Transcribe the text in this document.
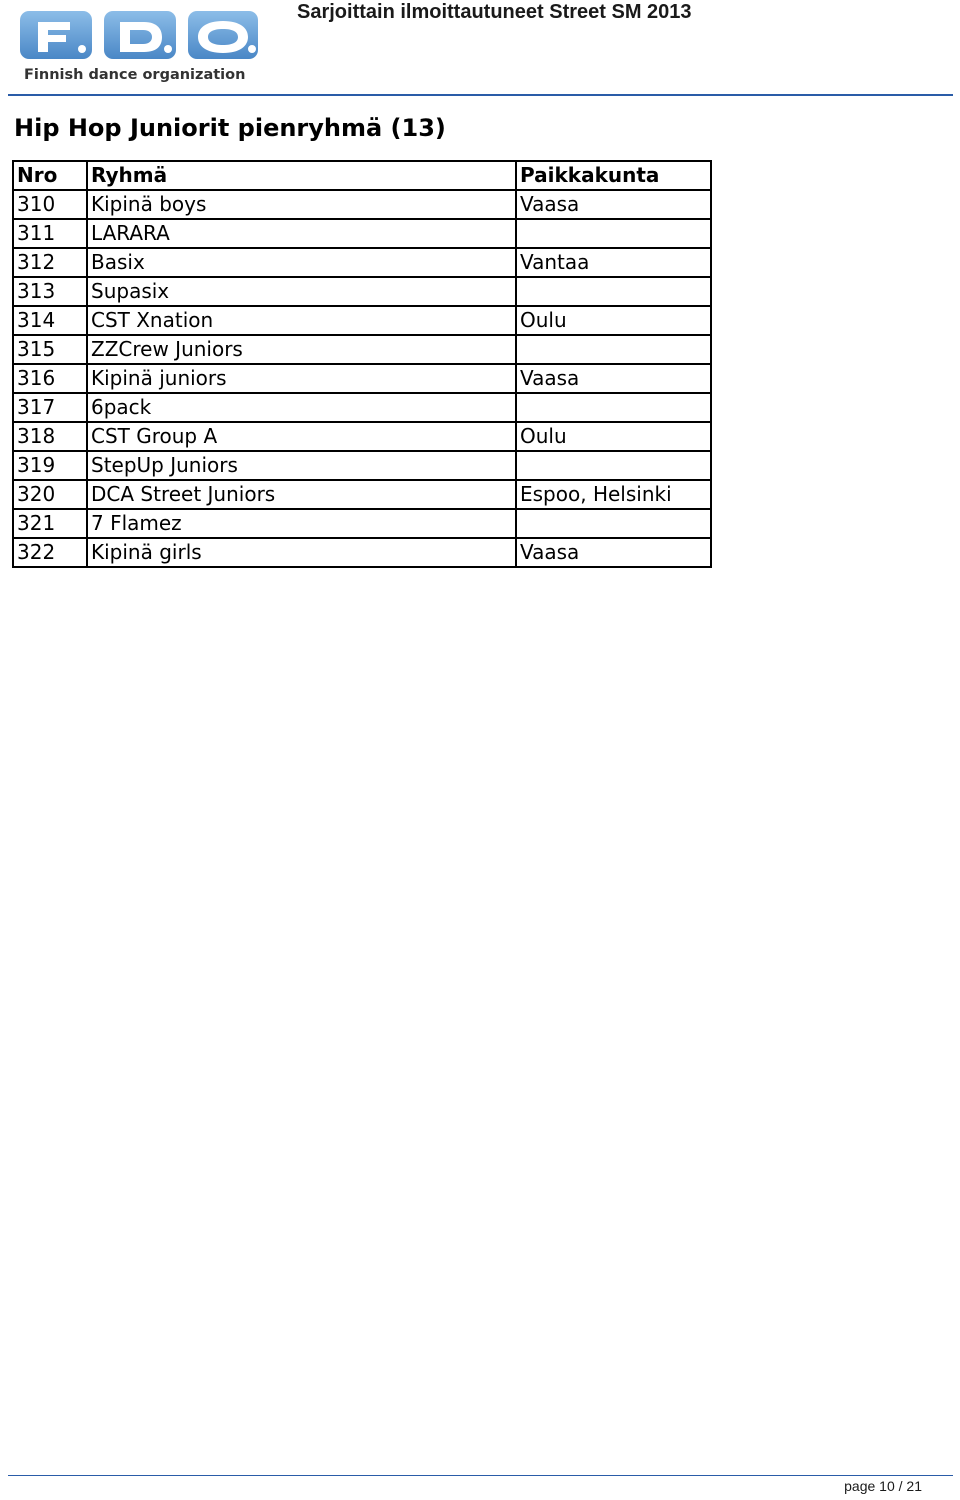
Finnish dance organization
Sarjoittain ilmoittautuneet Street SM 2013
Hip Hop Juniorit pienryhmä (13)
Nro	Ryhmä	Paikkakunta
310	Kipinä boys	Vaasa
311	LARARA	
312	Basix	Vantaa
313	Supasix	
314	CST Xnation	Oulu
315	ZZCrew Juniors	
316	Kipinä juniors	Vaasa
317	6pack	
318	CST Group A	Oulu
319	StepUp Juniors	
320	DCA Street Juniors	Espoo, Helsinki
321	7 Flamez	
322	Kipinä girls	Vaasa
page 10 / 21
